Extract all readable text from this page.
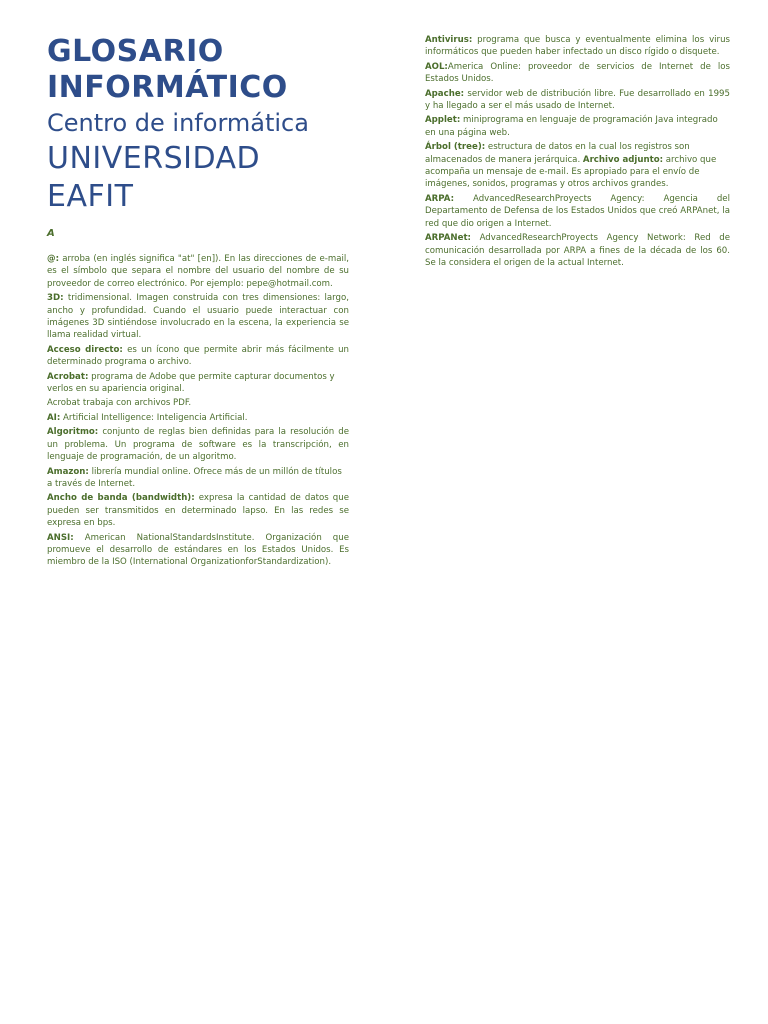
GLOSARIO
INFORMÁTICO
Centro de informática
UNIVERSIDAD EAFIT
A

@: arroba (en inglés significa "at" [en]). En las direcciones de e-mail, es el símbolo que separa el nombre del usuario del nombre de su proveedor de correo electrónico. Por ejemplo: pepe@hotmail.com.

3D: tridimensional. Imagen construida con tres dimensiones: largo, ancho y profundidad. Cuando el usuario puede interactuar con imágenes 3D sintiéndose involucrado en la escena, la experiencia se llama realidad virtual.

Acceso directo: es un ícono que permite abrir más fácilmente un determinado programa o archivo.

Acrobat: programa de Adobe que permite capturar documentos y verlos en su apariencia original.

Acrobat trabaja con archivos PDF.

AI: Artificial Intelligence: Inteligencia Artificial.

Algoritmo: conjunto de reglas bien definidas para la resolución de un problema. Un programa de software es la transcripción, en lenguaje de programación, de un algoritmo.

Amazon: librería mundial online. Ofrece más de un millón de títulos a través de Internet.

Ancho de banda (bandwidth): expresa la cantidad de datos que pueden ser transmitidos en determinado lapso. En las redes se expresa en bps.

ANSI: American NationalStandardsInstitute. Organización que promueve el desarrollo de estándares en los Estados Unidos. Es miembro de la ISO (International OrganizationforStandardization).

Antivirus: programa que busca y eventualmente elimina los virus informáticos que pueden haber infectado un disco rígido o disquete.

AOL:America Online: proveedor de servicios de Internet de los Estados Unidos.

Apache: servidor web de distribución libre. Fue desarrollado en 1995 y ha llegado a ser el más usado de Internet.

Applet: miniprograma en lenguaje de programación Java integrado en una página web.

Árbol (tree): estructura de datos en la cual los registros son almacenados de manera jerárquica. Archivo adjunto: archivo que acompaña un mensaje de e-mail. Es apropiado para el envío de imágenes, sonidos, programas y otros archivos grandes.

ARPA: AdvancedResearchProyects Agency: Agencia del Departamento de Defensa de los Estados Unidos que creó ARPAnet, la red que dio origen a Internet.

ARPANet: AdvancedResearchProyects Agency Network: Red de comunicación desarrollada por ARPA a fines de la década de los 60. Se la considera el origen de la actual Internet.
